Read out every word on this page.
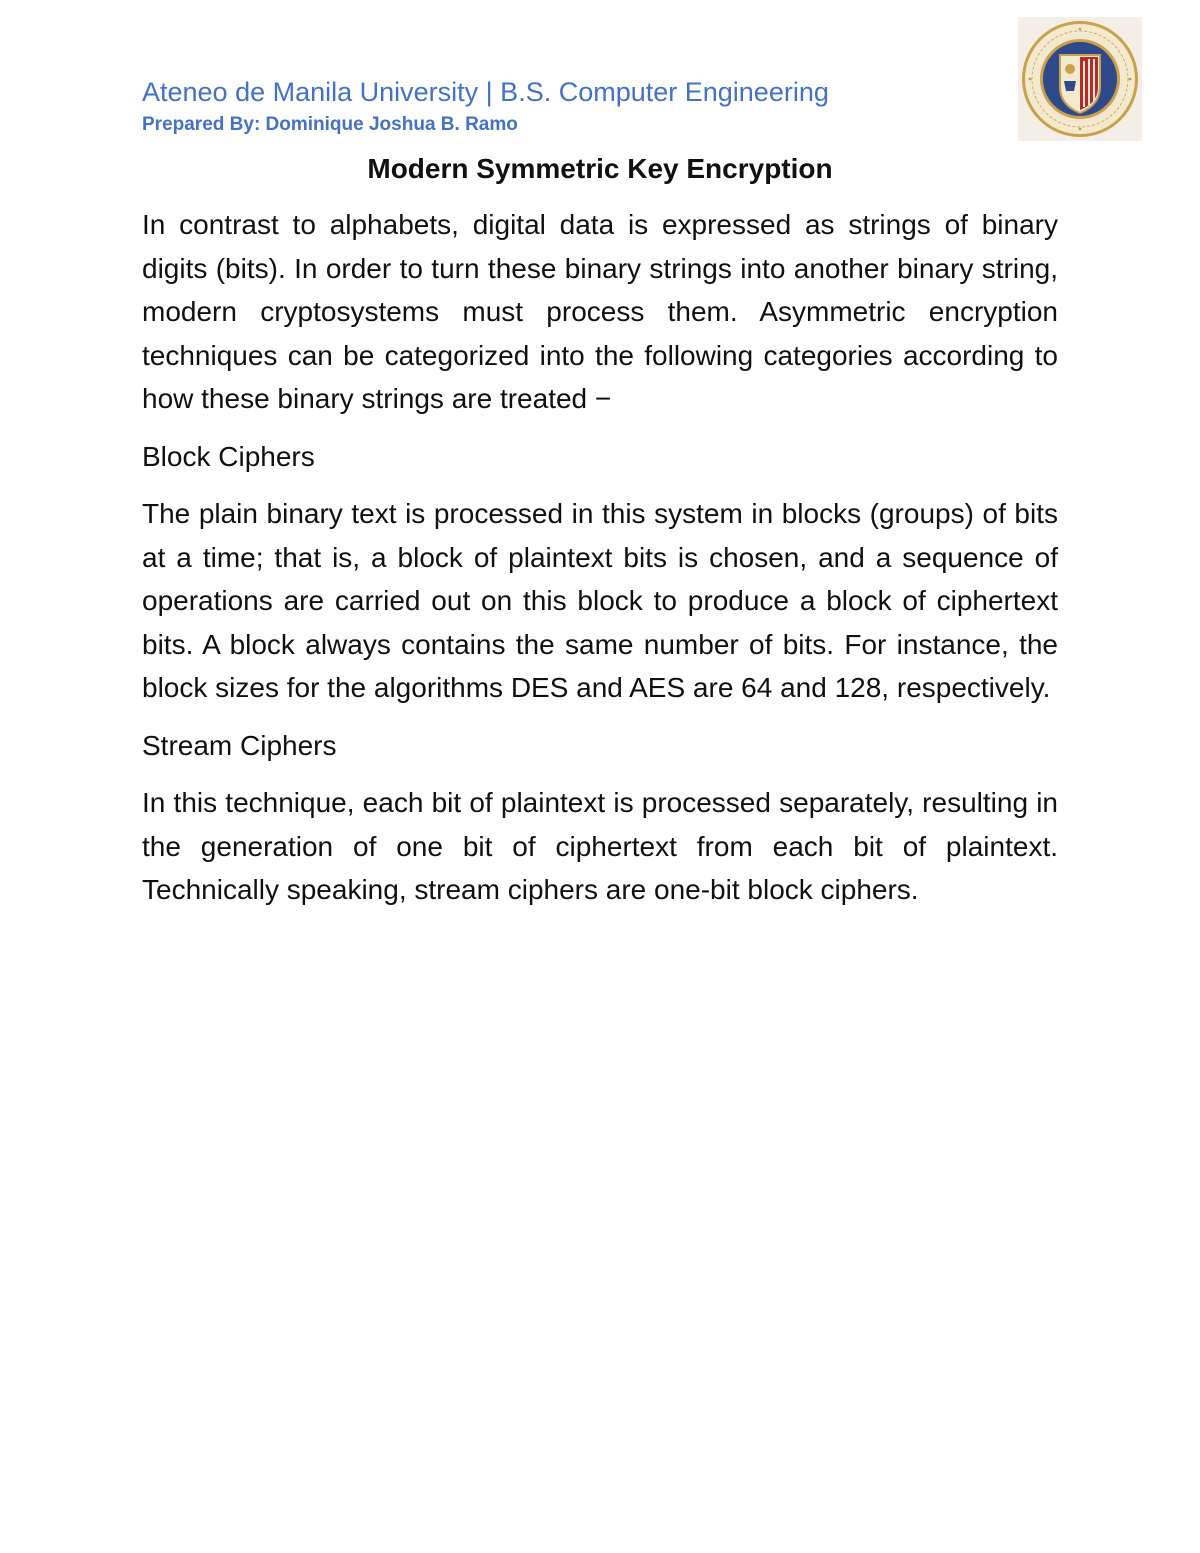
Ateneo de Manila University | B.S. Computer Engineering
Prepared By: Dominique Joshua B. Ramo
Modern Symmetric Key Encryption

In contrast to alphabets, digital data is expressed as strings of binary digits (bits). In order to turn these binary strings into another binary string, modern cryptosystems must process them. Asymmetric encryption techniques can be categorized into the following categories according to how these binary strings are treated −

Block Ciphers

The plain binary text is processed in this system in blocks (groups) of bits at a time; that is, a block of plaintext bits is chosen, and a sequence of operations are carried out on this block to produce a block of ciphertext bits. A block always contains the same number of bits. For instance, the block sizes for the algorithms DES and AES are 64 and 128, respectively.

Stream Ciphers

In this technique, each bit of plaintext is processed separately, resulting in the generation of one bit of ciphertext from each bit of plaintext. Technically speaking, stream ciphers are one-bit block ciphers.
